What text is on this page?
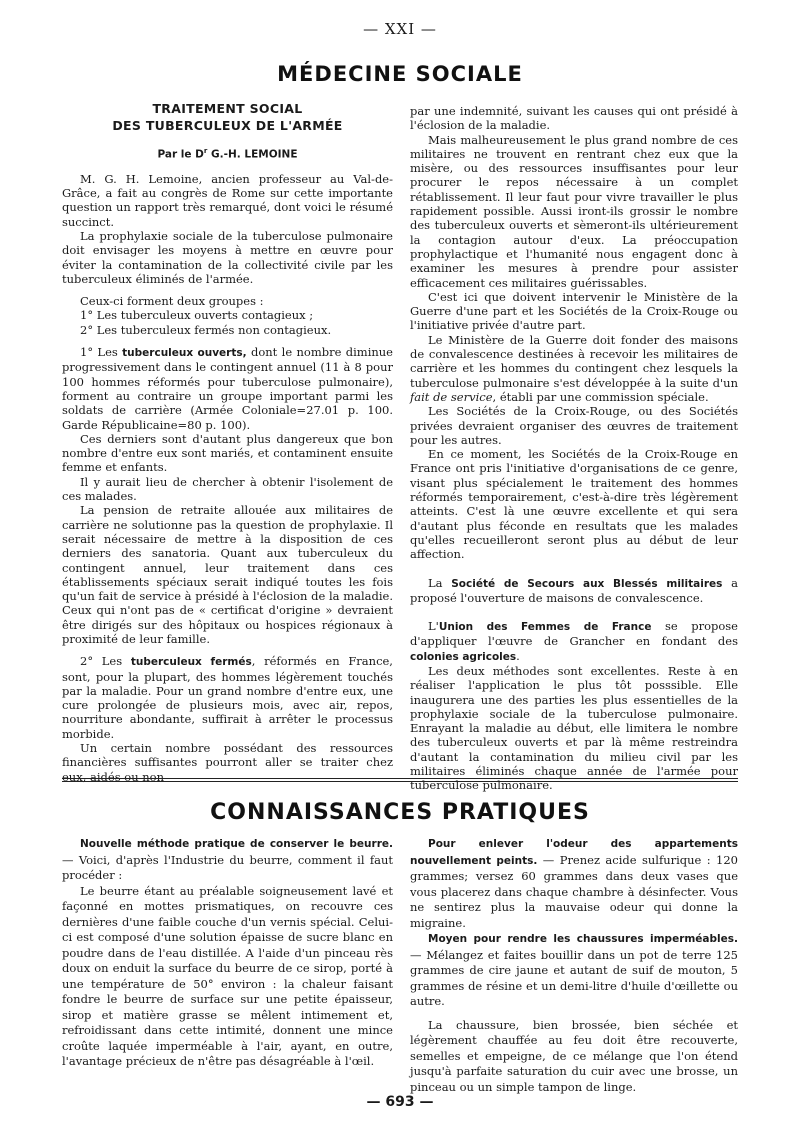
— XXI —
MÉDECINE SOCIALE
TRAITEMENT SOCIAL
DES TUBERCULEUX DE L'ARMÉE
Par le $D^r$ G.-H. LEMOINE

M. G. H. Lemoine, ancien professeur au Val-de-Grâce, a fait au congrès de Rome sur cette importante question un rapport très remarqué, dont voici le résumé succinct.

La prophylaxie sociale de la tuberculose pulmonaire doit envisager les moyens à mettre en œuvre pour éviter la contamination de la collectivité civile par les tuberculeux éliminés de l'armée.

Ceux-ci forment deux groupes :

1° Les tuberculeux ouverts contagieux ;

2° Les tuberculeux fermés non contagieux.

1° Les tuberculeux ouverts, dont le nombre diminue progressivement dans le contingent annuel (11 à 8 pour 100 hommes réformés pour tuberculose pulmonaire), forment au contraire un groupe important parmi les soldats de carrière (Armée Coloniale=27.01 p. 100. Garde Républicaine=80 p. 100).

Ces derniers sont d'autant plus dangereux que bon nombre d'entre eux sont mariés, et contaminent ensuite femme et enfants.

Il y aurait lieu de chercher à obtenir l'isolement de ces malades.

La pension de retraite allouée aux militaires de carrière ne solutionne pas la question de prophylaxie. Il serait nécessaire de mettre à la disposition de ces derniers des sanatoria. Quant aux tuberculeux du contingent annuel, leur traitement dans ces établissements spéciaux serait indiqué toutes les fois qu'un fait de service à présidé à l'éclosion de la maladie. Ceux qui n'ont pas de « certificat d'origine » devraient être dirigés sur des hôpitaux ou hospices régionaux à proximité de leur famille.

2° Les tuberculeux fermés, réformés en France, sont, pour la plupart, des hommes légèrement touchés par la maladie. Pour un grand nombre d'entre eux, une cure prolongée de plusieurs mois, avec air, repos, nourriture abondante, suffirait à arrêter le processus morbide.

Un certain nombre possédant des ressources financières suffisantes pourront aller se traiter chez eux, aidés ou non

par une indemnité, suivant les causes qui ont présidé à l'éclosion de la maladie.

Mais malheureusement le plus grand nombre de ces militaires ne trouvent en rentrant chez eux que la misère, ou des ressources insuffisantes pour leur procurer le repos nécessaire à un complet rétablissement. Il leur faut pour vivre travailler le plus rapidement possible. Aussi iront-ils grossir le nombre des tuberculeux ouverts et sèmeront-ils ultérieurement la contagion autour d'eux. La préoccupation prophylactique et l'humanité nous engagent donc à examiner les mesures à prendre pour assister efficacement ces militaires guérissables.

C'est ici que doivent intervenir le Ministère de la Guerre d'une part et les Sociétés de la Croix-Rouge ou l'initiative privée d'autre part.

Le Ministère de la Guerre doit fonder des maisons de convalescence destinées à recevoir les militaires de carrière et les hommes du contingent chez lesquels la tuberculose pulmonaire s'est développée à la suite d'un fait de service, établi par une commission spéciale.

Les Sociétés de la Croix-Rouge, ou des Sociétés privées devraient organiser des œuvres de traitement pour les autres.

En ce moment, les Sociétés de la Croix-Rouge en France ont pris l'initiative d'organisations de ce genre, visant plus spécialement le traitement des hommes réformés temporairement, c'est-à-dire très légèrement atteints. C'est là une œuvre excellente et qui sera d'autant plus féconde en resultats que les malades qu'elles recueilleront seront plus au début de leur affection.

La Société de Secours aux Blessés militaires a proposé l'ouverture de maisons de convalescence.

L'Union des Femmes de France se propose d'appliquer l'œuvre de Grancher en fondant des colonies agricoles.

Les deux méthodes sont excellentes. Reste à en réaliser l'application le plus tôt posssible. Elle inaugurera une des parties les plus essentielles de la prophylaxie sociale de la tuberculose pulmonaire. Enrayant la maladie au début, elle limitera le nombre des tuberculeux ouverts et par là même restreindra d'autant la contamination du milieu civil par les militaires éliminés chaque année de l'armée pour tuberculose pulmonaire.

CONNAISSANCES PRATIQUES

Nouvelle méthode pratique de conserver le beurre. — Voici, d'après l'Industrie du beurre, comment il faut procéder :

Le beurre étant au préalable soigneusement lavé et façonné en mottes prismatiques, on recouvre ces dernières d'une faible couche d'un vernis spécial. Celui-ci est composé d'une solution épaisse de sucre blanc en poudre dans de l'eau distillée. A l'aide d'un pinceau rès doux on enduit la surface du beurre de ce sirop, porté à une température de 50° environ : la chaleur faisant fondre le beurre de surface sur une petite épaisseur, sirop et matière grasse se mêlent intimement et, refroidissant dans cette intimité, donnent une mince croûte laquée imperméable à l'air, ayant, en outre, l'avantage précieux de n'être pas désagréable à l'œil.

Pour enlever l'odeur des appartements nouvellement peints. — Prenez acide sulfurique : 120 grammes; versez 60 grammes dans deux vases que vous placerez dans chaque chambre à désinfecter. Vous ne sentirez plus la mauvaise odeur qui donne la migraine.

Moyen pour rendre les chaussures imperméables. — Mélangez et faites bouillir dans un pot de terre 125 grammes de cire jaune et autant de suif de mouton, 5 grammes de résine et un demi-litre d'huile d'œillette ou autre.

La chaussure, bien brossée, bien séchée et légèrement chauffée au feu doit être recouverte, semelles et empeigne, de ce mélange que l'on étend jusqu'à parfaite saturation du cuir avec une brosse, un pinceau ou un simple tampon de linge.

— 693 —
